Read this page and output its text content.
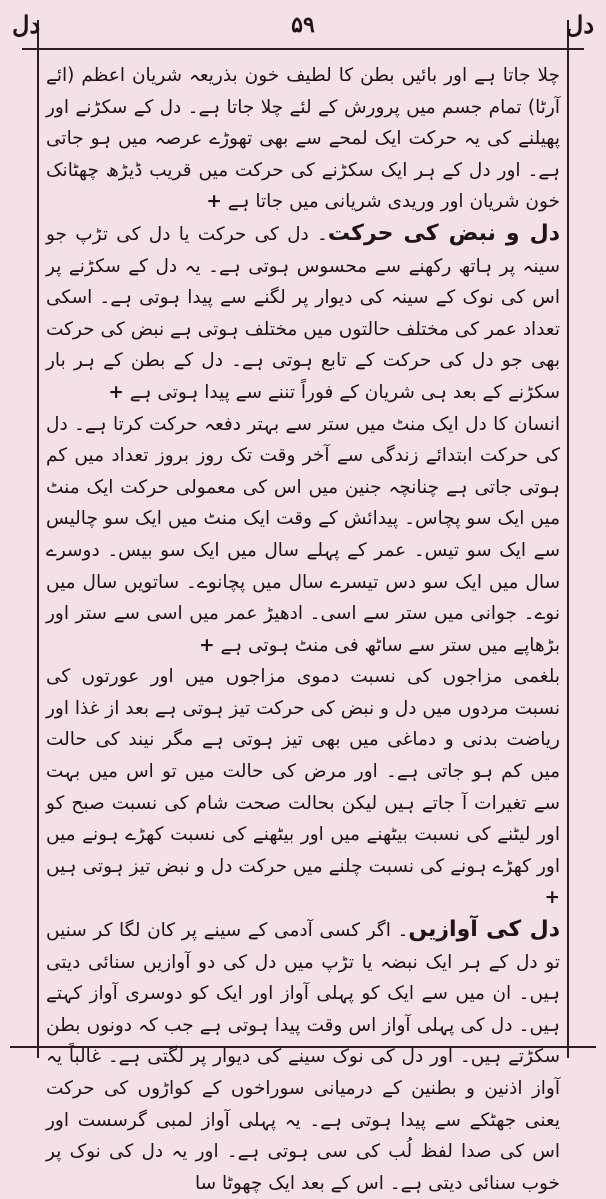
دل
۵۹
دل

چلا جاتا ہے اور بائیں بطن کا لطیف خون بذریعہ شریان اعظم (ائے آرٹا) تمام جسم میں پرورش کے لئے چلا جاتا ہے۔ دل کے سکڑنے اور پھیلنے کی یہ حرکت ایک لمحے سے بھی تھوڑے عرصہ میں ہو جاتی ہے۔ اور دل کے ہر ایک سکڑنے کی حرکت میں قریب ڈیڑھ چھٹانک خون شریان اور وریدی شریانی میں جاتا ہے +

دل و نبض کی حرکت۔ دل کی حرکت یا دل کی تڑپ جو سینہ پر ہاتھ رکھنے سے محسوس ہوتی ہے۔ یہ دل کے سکڑنے پر اس کی نوک کے سینہ کی دیوار پر لگنے سے پیدا ہوتی ہے۔ اسکی تعداد عمر کی مختلف حالتوں میں مختلف ہوتی ہے نبض کی حرکت بھی جو دل کی حرکت کے تابع ہوتی ہے۔ دل کے بطن کے ہر بار سکڑنے کے بعد ہی شریان کے فوراً تننے سے پیدا ہوتی ہے +

انسان کا دل ایک منٹ میں ستر سے بہتر دفعہ حرکت کرتا ہے۔ دل کی حرکت ابتدائے زندگی سے آخر وقت تک روز بروز تعداد میں کم ہوتی جاتی ہے چنانچہ جنین میں اس کی معمولی حرکت ایک منٹ میں ایک سو پچاس۔ پیدائش کے وقت ایک منٹ میں ایک سو چالیس سے ایک سو تیس۔ عمر کے پہلے سال میں ایک سو بیس۔ دوسرے سال میں ایک سو دس تیسرے سال میں پچانوے۔ ساتویں سال میں نوے۔ جوانی میں ستر سے اسی۔ ادھیڑ عمر میں اسی سے ستر اور بڑھاپے میں ستر سے ساٹھ فی منٹ ہوتی ہے +

بلغمی مزاجوں کی نسبت دموی مزاجوں میں اور عورتوں کی نسبت مردوں میں دل و نبض کی حرکت تیز ہوتی ہے بعد از غذا اور ریاضت بدنی و دماغی میں بھی تیز ہوتی ہے مگر نیند کی حالت میں کم ہو جاتی ہے۔ اور مرض کی حالت میں تو اس میں بہت سے تغیرات آ جاتے ہیں لیکن بحالت صحت شام کی نسبت صبح کو اور لیٹنے کی نسبت بیٹھنے میں اور بیٹھنے کی نسبت کھڑے ہونے میں اور کھڑے ہونے کی نسبت چلنے میں حرکت دل و نبض تیز ہوتی ہیں +

دل کی آوازیں۔ اگر کسی آدمی کے سینے پر کان لگا کر سنیں تو دل کے ہر ایک نبضہ یا تڑپ میں دل کی دو آوازیں سنائی دیتی ہیں۔ ان میں سے ایک کو پہلی آواز اور ایک کو دوسری آواز کہتے ہیں۔ دل کی پہلی آواز اس وقت پیدا ہوتی ہے جب کہ دونوں بطن سکڑتے ہیں۔ اور دل کی نوک سینے کی دیوار پر لگتی ہے۔ غالباً یہ آواز اذنین و بطنین کے درمیانی سوراخوں کے کواڑوں کی حرکت یعنی جھٹکے سے پیدا ہوتی ہے۔ یہ پہلی آواز لمبی گرسست اور اس کی صدا لفظ لُب کی سی ہوتی ہے۔ اور یہ دل کی نوک پر خوب سنائی دیتی ہے۔ اس کے بعد ایک چھوٹا سا
